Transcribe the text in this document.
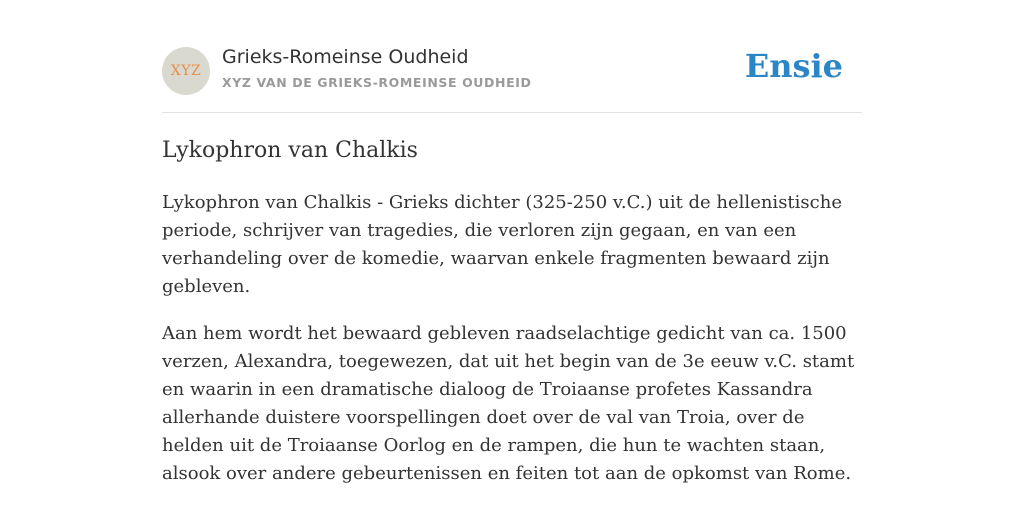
XYZ
Grieks-Romeinse Oudheid
XYZ VAN DE GRIEKS-ROMEINSE OUDHEID	Ensie
Lykophron van Chalkis

Lykophron van Chalkis - Grieks dichter (325-250 v.C.) uit de hellenistische periode, schrijver van tragedies, die verloren zijn gegaan, en van een verhandeling over de komedie, waarvan enkele fragmenten bewaard zijn gebleven.

Aan hem wordt het bewaard gebleven raadselachtige gedicht van ca. 1500 verzen, Alexandra, toegewezen, dat uit het begin van de 3e eeuw v.C. stamt en waarin in een dramatische dialoog de Troiaanse profetes Kassandra allerhande duistere voorspellingen doet over de val van Troia, over de helden uit de Troiaanse Oorlog en de rampen, die hun te wachten staan, alsook over andere gebeurtenissen en feiten tot aan de opkomst van Rome.
